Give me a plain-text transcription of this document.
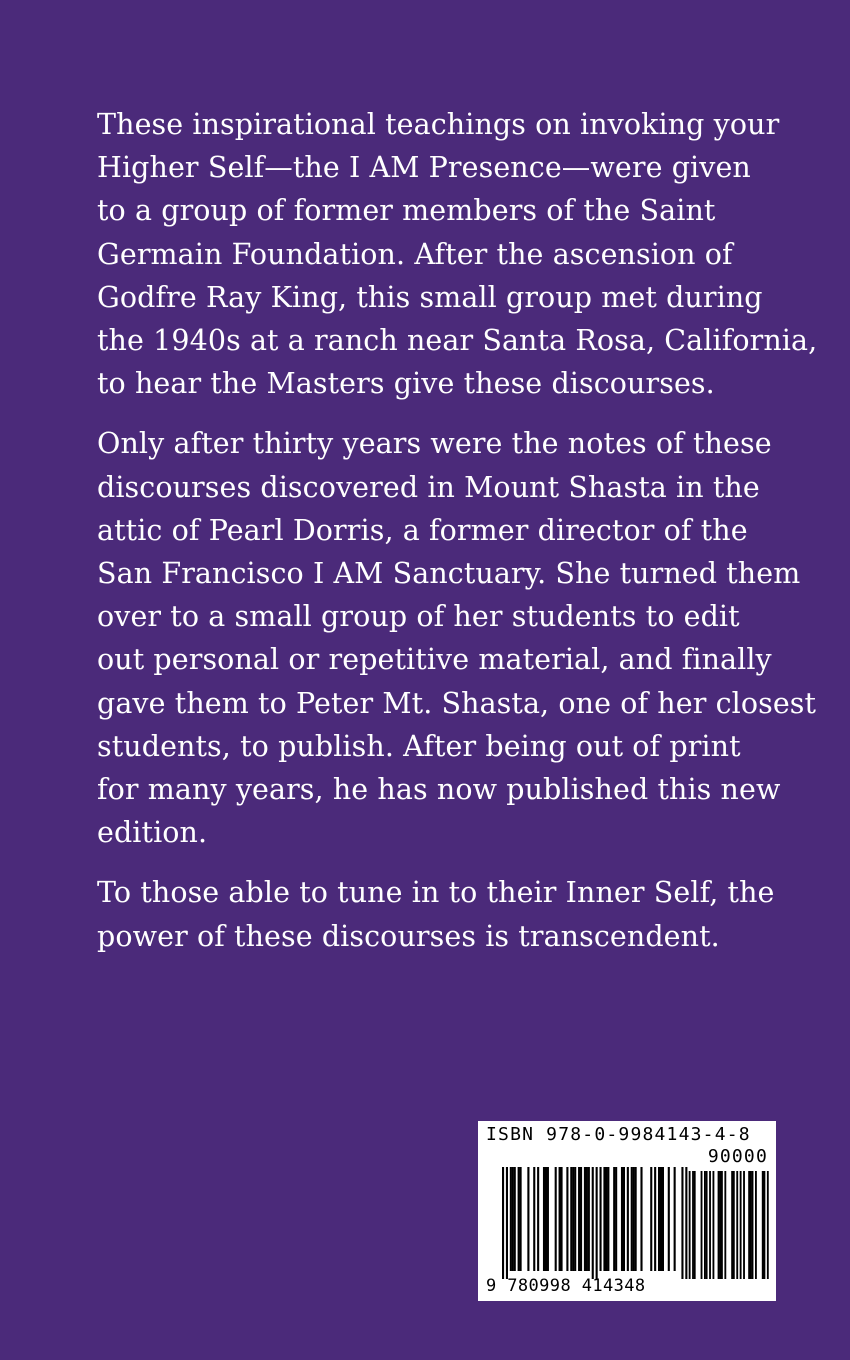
These inspirational teachings on invoking your
Higher Self—the I AM Presence—were given
to a group of former members of the Saint
Germain Foundation. After the ascension of
Godfre Ray King, this small group met during
the 1940s at a ranch near Santa Rosa, California,
to hear the Masters give these discourses.

Only after thirty years were the notes of these
discourses discovered in Mount Shasta in the
attic of Pearl Dorris, a former director of the
San Francisco I AM Sanctuary. She turned them
over to a small group of her students to edit
out personal or repetitive material, and finally
gave them to Peter Mt. Shasta, one of her closest
students, to publish. After being out of print
for many years, he has now published this new
edition.

To those able to tune in to their Inner Self, the
power of these discourses is transcendent.

ISBN 978-0-9984143-4-8
90000
9 780998 414348
